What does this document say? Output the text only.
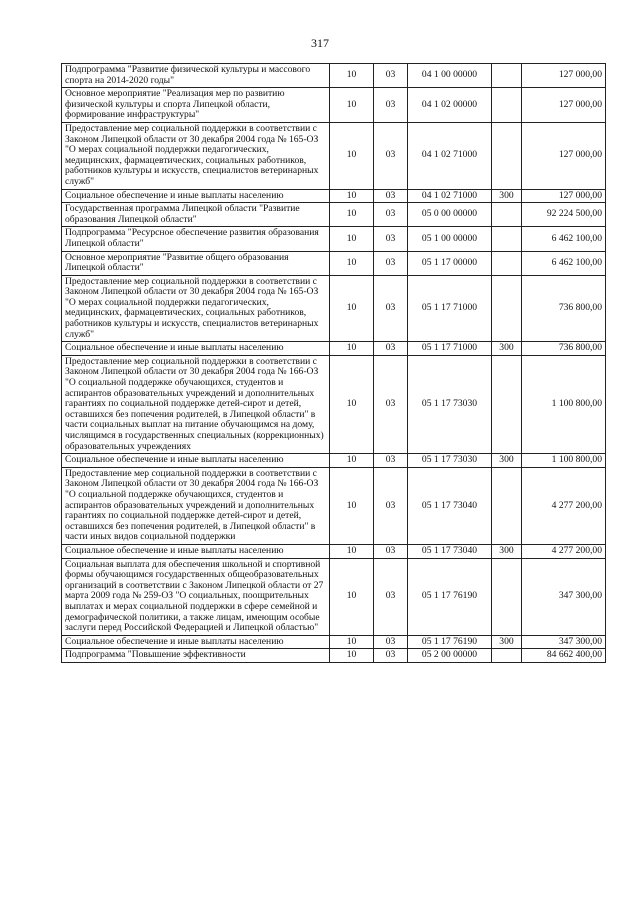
317
Подпрограмма "Развитие физической культуры и массового спорта на 2014-2020 годы"	10	03	04 1 00 00000		127 000,00
Основное мероприятие "Реализация мер по развитию физической культуры и спорта Липецкой области, формирование инфраструктуры"	10	03	04 1 02 00000		127 000,00
Предоставление мер социальной поддержки в соответствии с Законом Липецкой области от 30 декабря 2004 года № 165-ОЗ "О мерах социальной поддержки педагогических, медицинских, фармацевтических, социальных работников, работников культуры и искусств, специалистов ветеринарных служб"	10	03	04 1 02 71000		127 000,00
Социальное обеспечение и иные выплаты населению	10	03	04 1 02 71000	300	127 000,00
Государственная программа Липецкой области "Развитие образования Липецкой области"	10	03	05 0 00 00000		92 224 500,00
Подпрограмма "Ресурсное обеспечение развития образования Липецкой области"	10	03	05 1 00 00000		6 462 100,00
Основное мероприятие "Развитие общего образования Липецкой области"	10	03	05 1 17 00000		6 462 100,00
Предоставление мер социальной поддержки в соответствии с Законом Липецкой области от 30 декабря 2004 года № 165-ОЗ "О мерах социальной поддержки педагогических, медицинских, фармацевтических, социальных работников, работников культуры и искусств, специалистов ветеринарных служб"	10	03	05 1 17 71000		736 800,00
Социальное обеспечение и иные выплаты населению	10	03	05 1 17 71000	300	736 800,00
Предоставление мер социальной поддержки в соответствии с Законом Липецкой области от 30 декабря 2004 года № 166-ОЗ "О социальной поддержке обучающихся, студентов и аспирантов образовательных учреждений и дополнительных гарантиях по социальной поддержке детей-сирот и детей, оставшихся без попечения родителей, в Липецкой области" в части социальных выплат на питание обучающимся на дому, числящимся в государственных специальных (коррекционных) образовательных учреждениях	10	03	05 1 17 73030		1 100 800,00
Социальное обеспечение и иные выплаты населению	10	03	05 1 17 73030	300	1 100 800,00
Предоставление мер социальной поддержки в соответствии с Законом Липецкой области от 30 декабря 2004 года № 166-ОЗ "О социальной поддержке обучающихся, студентов и аспирантов образовательных учреждений и дополнительных гарантиях по социальной поддержке детей-сирот и детей, оставшихся без попечения родителей, в Липецкой области" в части иных видов социальной поддержки	10	03	05 1 17 73040		4 277 200,00
Социальное обеспечение и иные выплаты населению	10	03	05 1 17 73040	300	4 277 200,00
Социальная выплата для обеспечения школьной и спортивной формы обучающимся государственных общеобразовательных организаций в соответствии с Законом Липецкой области от 27 марта 2009 года № 259-ОЗ "О социальных, поощрительных выплатах и мерах социальной поддержки в сфере семейной и демографической политики, а также лицам, имеющим особые заслуги перед Российской Федерацией и Липецкой областью"	10	03	05 1 17 76190		347 300,00
Социальное обеспечение и иные выплаты населению	10	03	05 1 17 76190	300	347 300,00
Подпрограмма "Повышение эффективности	10	03	05 2 00 00000		84 662 400,00
